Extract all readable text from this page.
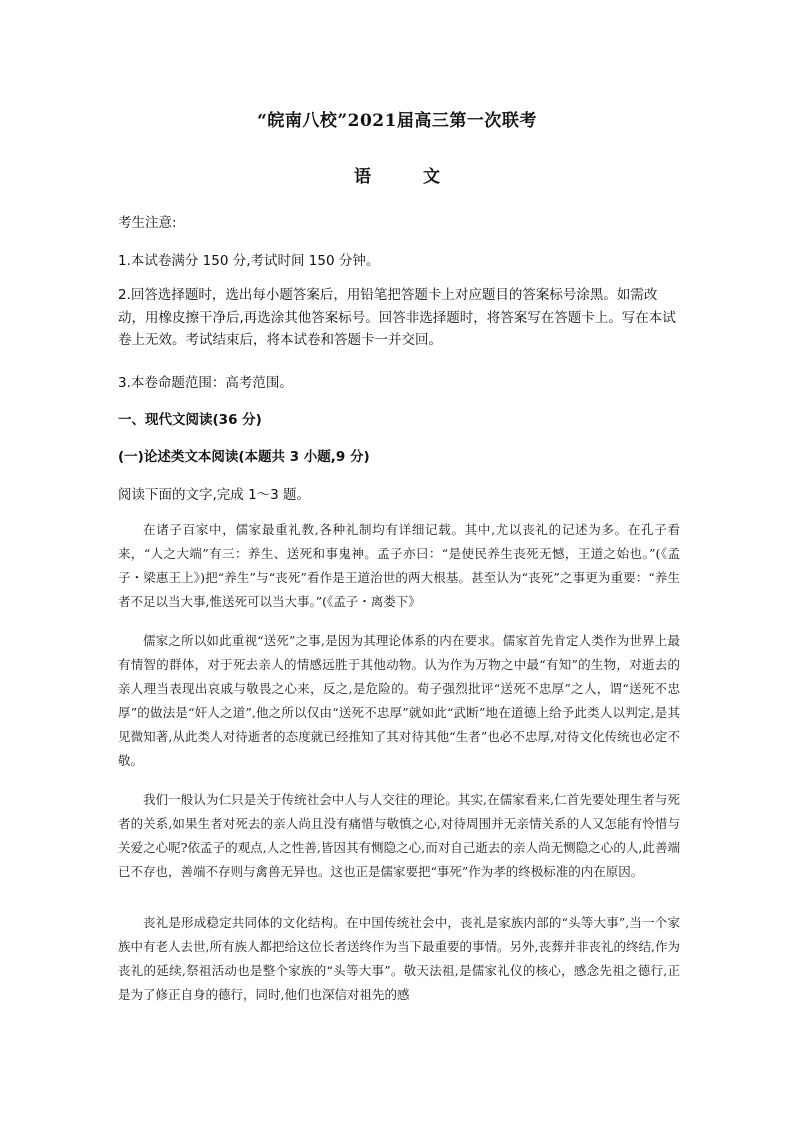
“皖南八校”2021届高三第一次联考
语文
考生注意:
1.本试卷满分 150 分,考试时间 150 分钟。
2.回答选择题时，选出每小题答案后，用铅笔把答题卡上对应题目的答案标号涂黑。如需改动，用橡皮擦干净后,再选涂其他答案标号。回答非选择题时，将答案写在答题卡上。写在本试卷上无效。考试结束后，将本试卷和答题卡一并交回。
3.本卷命题范围：高考范围。
一、现代文阅读(36 分)
(一)论述类文本阅读(本题共 3 小题,9 分)
阅读下面的文字,完成 1～3 题。
在诸子百家中，儒家最重礼教,各种礼制均有详细记载。其中,尤以丧礼的记述为多。在孔子看来，“人之大端”有三：养生、送死和事鬼神。孟子亦曰：“是使民养生丧死无憾，王道之始也。”(《孟子・梁惠王上》)把“养生”与“丧死”看作是王道治世的两大根基。甚至认为“丧死”之事更为重要：“养生者不足以当大事,惟送死可以当大事。”(《孟子・离娄下》
儒家之所以如此重视“送死”之事,是因为其理论体系的内在要求。儒家首先肯定人类作为世界上最有情智的群体，对于死去亲人的情感远胜于其他动物。认为作为万物之中最“有知”的生物，对逝去的亲人理当表现出哀戚与敬畏之心来，反之,是危险的。荀子强烈批评“送死不忠厚”之人，谓“送死不忠厚”的做法是“奸人之道”,他之所以仅由“送死不忠厚”就如此“武断”地在道德上给予此类人以判定,是其见微知著,从此类人对待逝者的态度就已经推知了其对待其他“生者”也必不忠厚,对待文化传统也必定不敬。
我们一般认为仁只是关于传统社会中人与人交往的理论。其实,在儒家看来,仁首先要处理生者与死者的关系,如果生者对死去的亲人尚且没有痛惜与敬慎之心,对待周围并无亲情关系的人又怎能有怜惜与关爱之心呢?依孟子的观点,人之性善,皆因其有恻隐之心,而对自己逝去的亲人尚无恻隐之心的人,此善端已不存也，善端不存则与禽兽无异也。这也正是儒家要把“事死”作为孝的终极标准的内在原因。
丧礼是形成稳定共同体的文化结构。在中国传统社会中，丧礼是家族内部的“头等大事”,当一个家族中有老人去世,所有族人都把给这位长者送终作为当下最重要的事情。另外,丧葬并非丧礼的终结,作为丧礼的延续,祭祖活动也是整个家族的“头等大事”。敬天法祖,是儒家礼仪的核心，感念先祖之德行,正是为了修正自身的德行，同时,他们也深信对祖先的感
